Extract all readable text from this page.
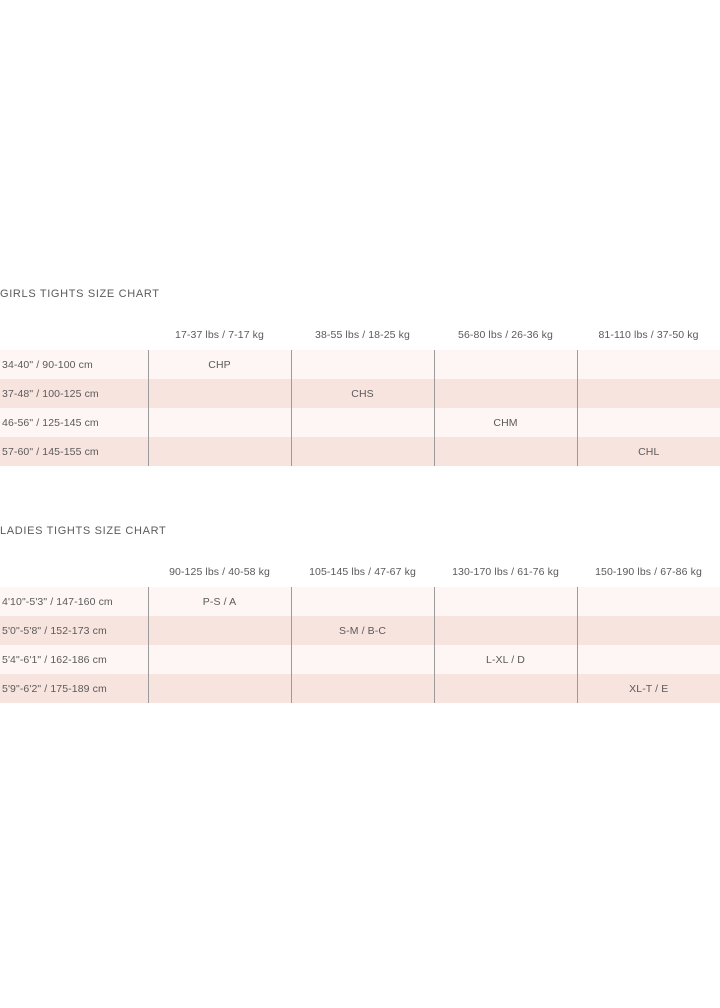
GIRLS TIGHTS SIZE CHART
	17-37 lbs / 7-17 kg	38-55 lbs / 18-25 kg	56-80 lbs / 26-36 kg	81-110 lbs / 37-50 kg
34-40" / 90-100 cm	CHP			
37-48" / 100-125 cm		CHS		
46-56" / 125-145 cm			CHM	
57-60" / 145-155 cm				CHL
LADIES TIGHTS SIZE CHART
	90-125 lbs / 40-58 kg	105-145 lbs / 47-67 kg	130-170 lbs / 61-76 kg	150-190 lbs / 67-86 kg
4'10"-5'3" / 147-160 cm	P-S / A			
5'0"-5'8" / 152-173 cm		S-M / B-C		
5'4"-6'1" / 162-186 cm			L-XL / D	
5'9"-6'2" / 175-189 cm				XL-T / E
